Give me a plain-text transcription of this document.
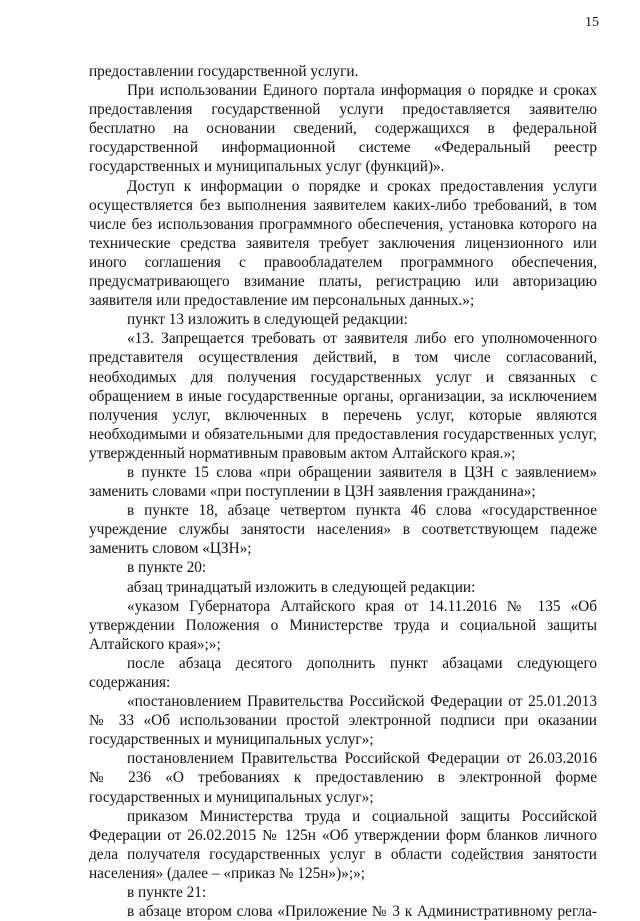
15

предоставлении государственной услуги.

При использовании Единого портала информация о порядке и сроках предоставления государственной услуги предоставляется заявителю бесплатно на основании сведений, содержащихся в федеральной государственной информационной системе «Федеральный реестр государственных и муниципальных услуг (функций)».

Доступ к информации о порядке и сроках предоставления услуги осуществляется без выполнения заявителем каких-либо требований, в том числе без использования программного обеспечения, установка которого на технические средства заявителя требует заключения лицензионного или иного соглашения с правообладателем программного обеспечения, предусматривающего взимание платы, регистрацию или авторизацию заявителя или предоставление им персональных данных.»;

пункт 13 изложить в следующей редакции:

«13. Запрещается требовать от заявителя либо его уполномоченного представителя осуществления действий, в том числе согласований, необходимых для получения государственных услуг и связанных с обращением в иные государственные органы, организации, за исключением получения услуг, включенных в перечень услуг, которые являются необходимыми и обязательными для предоставления государственных услуг, утвержденный нормативным правовым актом Алтайского края.»;

в пункте 15 слова «при обращении заявителя в ЦЗН с заявлением» заменить словами «при поступлении в ЦЗН заявления гражданина»;

в пункте 18, абзаце четвертом пункта 46 слова «государственное учреждение службы занятости населения» в соответствующем падеже заменить словом «ЦЗН»;

в пункте 20:

абзац тринадцатый изложить в следующей редакции:

«указом Губернатора Алтайского края от 14.11.2016 № 135 «Об утверждении Положения о Министерстве труда и социальной защиты Алтайского края»;»;

после абзаца десятого дополнить пункт абзацами следующего содержания:

«постановлением Правительства Российской Федерации от 25.01.2013 № 33 «Об использовании простой электронной подписи при оказании государственных и муниципальных услуг»;

постановлением Правительства Российской Федерации от 26.03.2016 № 236 «О требованиях к предоставлению в электронной форме государственных и муниципальных услуг»;

приказом Министерства труда и социальной защиты Российской Федерации от 26.02.2015 № 125н «Об утверждении форм бланков личного дела получателя государственных услуг в области содействия занятости населения» (далее – «приказ № 125н»)»;»;

в пункте 21:

в абзаце втором слова «Приложение № 3 к Административному регла-
